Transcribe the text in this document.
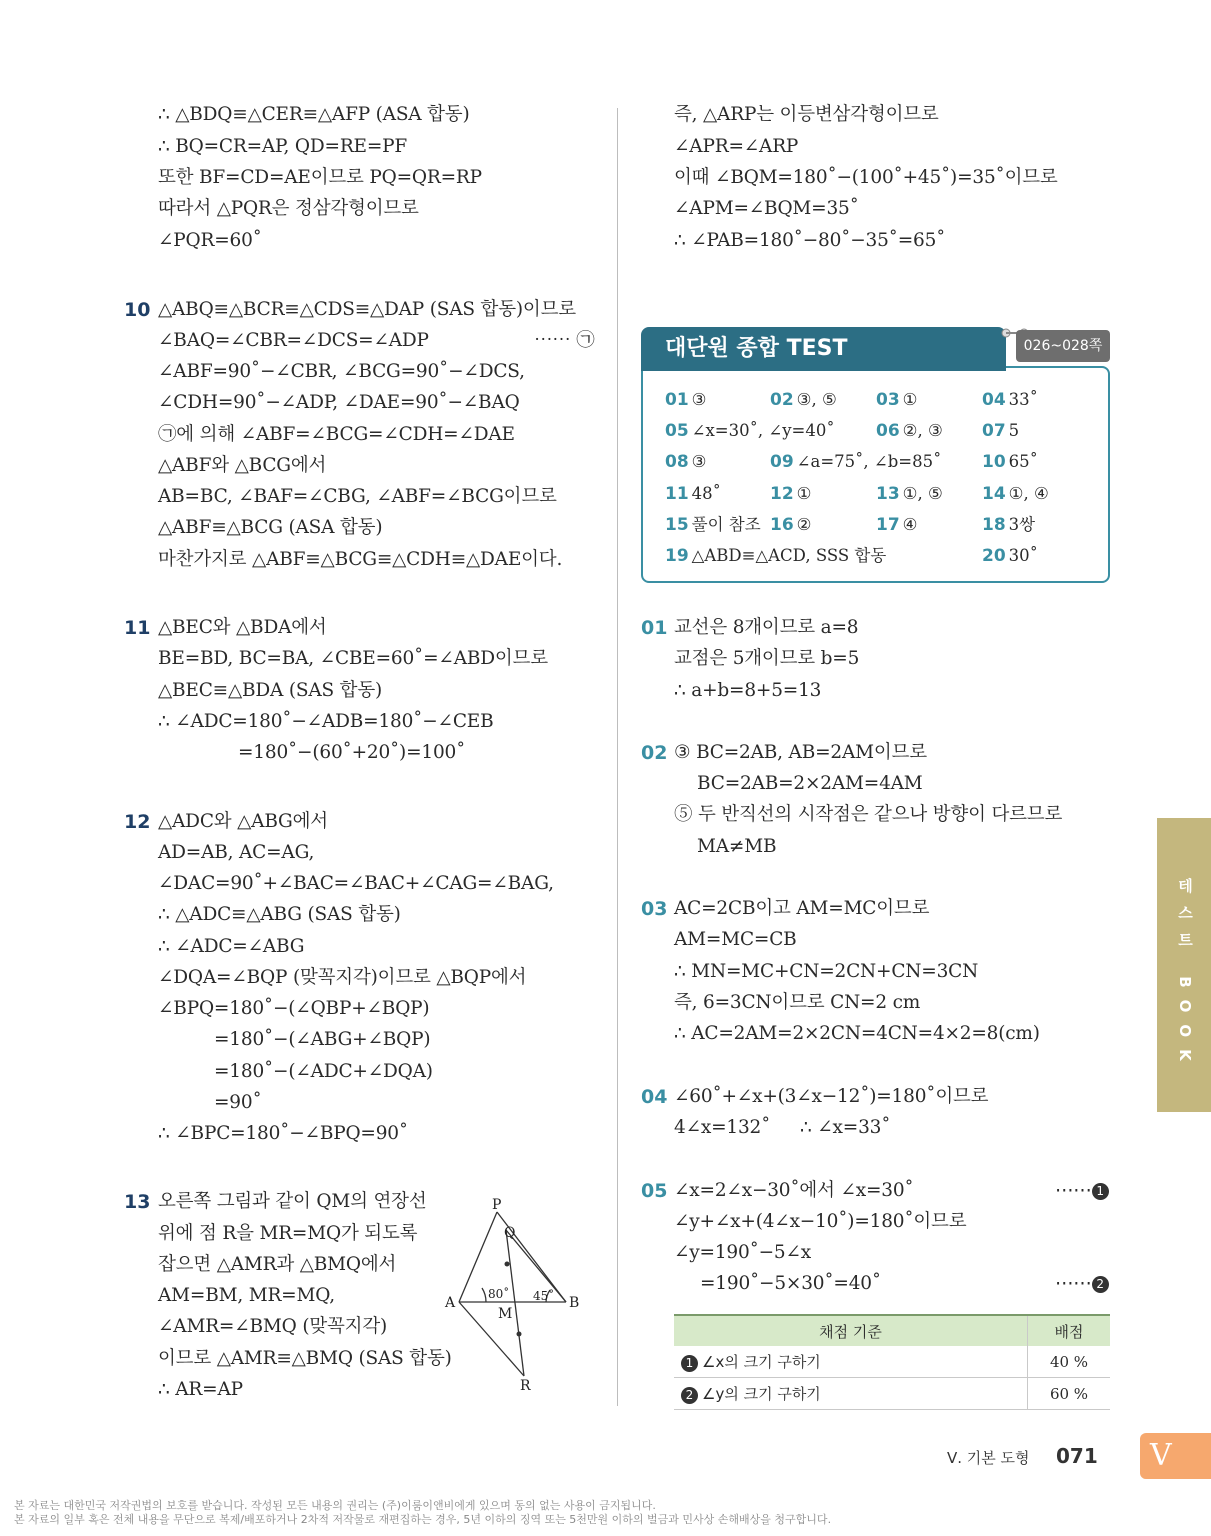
∴ △BDQ≡△CER≡△AFP (ASA 합동)
∴ BQ=CR=AP, QD=RE=PF
또한 BF=CD=AE이므로 PQ=QR=RP
따라서 △PQR은 정삼각형이므로
∠PQR=60˚
10 △ABQ≡△BCR≡△CDS≡△DAP (SAS 합동)이므로
∠BAQ=∠CBR=∠DCS=∠ADP	⋯⋯ ㉠
∠ABF=90˚−∠CBR, ∠BCG=90˚−∠DCS,
∠CDH=90˚−∠ADP, ∠DAE=90˚−∠BAQ
㉠에 의해 ∠ABF=∠BCG=∠CDH=∠DAE
△ABF와 △BCG에서
AB=BC, ∠BAF=∠CBG, ∠ABF=∠BCG이므로
△ABF≡△BCG (ASA 합동)
마찬가지로 △ABF≡△BCG≡△CDH≡△DAE이다.
11 △BEC와 △BDA에서
BE=BD, BC=BA, ∠CBE=60˚=∠ABD이므로
△BEC≡△BDA (SAS 합동)
∴ ∠ADC=180˚−∠ADB=180˚−∠CEB
=180˚−(60˚+20˚)=100˚
12 △ADC와 △ABG에서
AD=AB, AC=AG,
∠DAC=90˚+∠BAC=∠BAC+∠CAG=∠BAG,
∴ △ADC≡△ABG (SAS 합동)
∴ ∠ADC=∠ABG
∠DQA=∠BQP (맞꼭지각)이므로 △BQP에서
∠BPQ=180˚−(∠QBP+∠BQP)
=180˚−(∠ABG+∠BQP)
=180˚−(∠ADC+∠DQA)
=90˚
∴ ∠BPC=180˚−∠BPQ=90˚
13 오른쪽 그림과 같이 QM의 연장선
위에 점 R을 MR=MQ가 되도록
잡으면 △AMR과 △BMQ에서
AM=BM, MR=MQ,
∠AMR=∠BMQ (맞꼭지각)
이므로 △AMR≡△BMQ (SAS 합동)
∴ AR=AP
P
Q
A	B
M
R
80˚ 45˚
즉, △ARP는 이등변삼각형이므로
∠APR=∠ARP
이때 ∠BQM=180˚−(100˚+45˚)=35˚이므로
∠APM=∠BQM=35˚
∴ ∠PAB=180˚−80˚−35˚=65˚
대단원 종합 TEST	026~028쪽
01 ③	02 ③, ⑤ 03 ①	04 33˚
05 ∠x=30˚, ∠y=40˚ 06 ②, ③ 07 5
08 ③	09 ∠a=75˚, ∠b=85˚ 10 65˚
11 48˚	12 ①	13 ①, ⑤ 14 ①, ④
15 풀이 참조 16 ②	17 ④	18 3쌍
19 △ABD≡△ACD, SSS 합동	20 30˚
01 교선은 8개이므로 a=8
교점은 5개이므로 b=5
∴ a+b=8+5=13
02 ③ BC=2AB, AB=2AM이므로
BC=2AB=2×2AM=4AM
⑤ 두 반직선의 시작점은 같으나 방향이 다르므로
MA≠MB
03 AC=2CB이고 AM=MC이므로
AM=MC=CB
∴ MN=MC+CN=2CN+CN=3CN
즉, 6=3CN이므로 CN=2 cm
∴ AC=2AM=2×2CN=4CN=4×2=8(cm)
04 ∠60˚+∠x+(3∠x−12˚)=180˚이므로
4∠x=132˚ ∴ ∠x=33˚
05 ∠x=2∠x−30˚에서 ∠x=30˚	⋯⋯ 1
∠y+∠x+(4∠x−10˚)=180˚이므로
∠y=190˚−5∠x
=190˚−5×30˚=40˚	⋯⋯ 2
채점 기준	배점
1 ∠x의 크기 구하기	40 %
2 ∠y의 크기 구하기	60 %
테스트 BOOK
V
Ⅴ. 기본 도형 071
본 자료는 대한민국 저작권법의 보호를 받습니다. 작성된 모든 내용의 권리는 (주)이룸이앤비에게 있으며 동의 없는 사용이 금지됩니다.
본 자료의 일부 혹은 전체 내용을 무단으로 복제/배포하거나 2차적 저작물로 재편집하는 경우, 5년 이하의 징역 또는 5천만원 이하의 벌금과 민사상 손해배상을 청구합니다.
